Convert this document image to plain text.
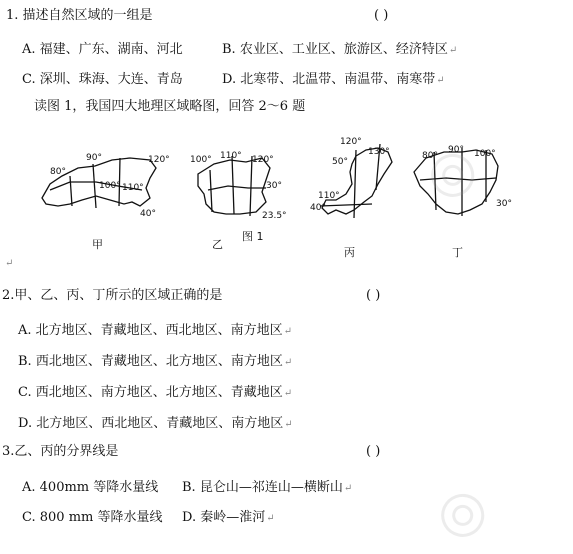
1. 描述自然区域的一组是	( )
A. 福建、广东、湖南、河北	B. 农业区、工业区、旅游区、经济特区↵
C. 深圳、珠海、大连、青岛	D. 北寒带、北温带、南温带、南寒带↵
读图 1，我国四大地理区域略图，回答 2～6 题
80°
90°	120°
100° 110°
40°
100° 110° 120°
30°
23.5°
120°
130°
50°
110°
40°
80°
90° 100°
30°
甲	乙
图 1
丙	丁
↵
2.甲、乙、丙、丁所示的区域正确的是	( )
A. 北方地区、青藏地区、西北地区、南方地区↵
B. 西北地区、青藏地区、北方地区、南方地区↵
C. 西北地区、南方地区、北方地区、青藏地区↵
D. 北方地区、西北地区、青藏地区、南方地区↵
3.乙、丙的分界线是	( )
A. 400mm 等降水量线 B. 昆仑山—祁连山—横断山↵
C. 800 mm 等降水量线 D. 秦岭—淮河↵
